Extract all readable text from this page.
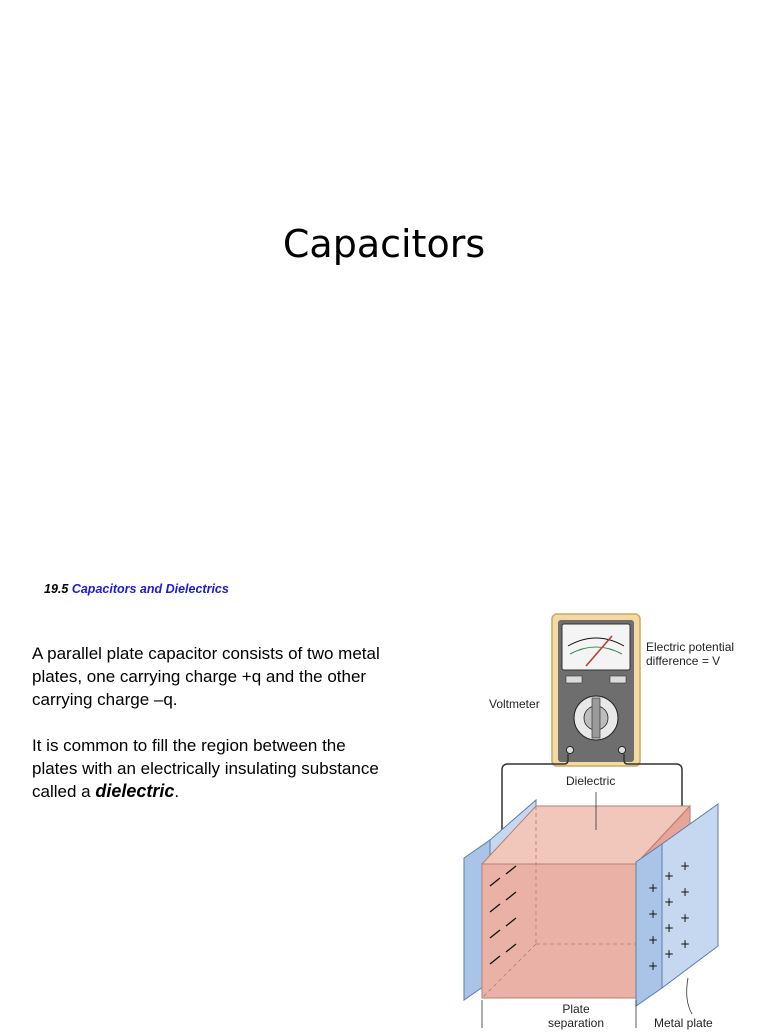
Capacitors
19.5 Capacitors and Dielectrics

A parallel plate capacitor consists of two metal plates, one carrying charge +q and the other carrying charge –q.

It is common to fill the region between the plates with an electrically insulating substance called a dielectric.

+
+
+
+
+
+
+
+
+
+
+
+
Electric potential
difference = V
Voltmeter
Dielectric
Plate separation	Metal plate
